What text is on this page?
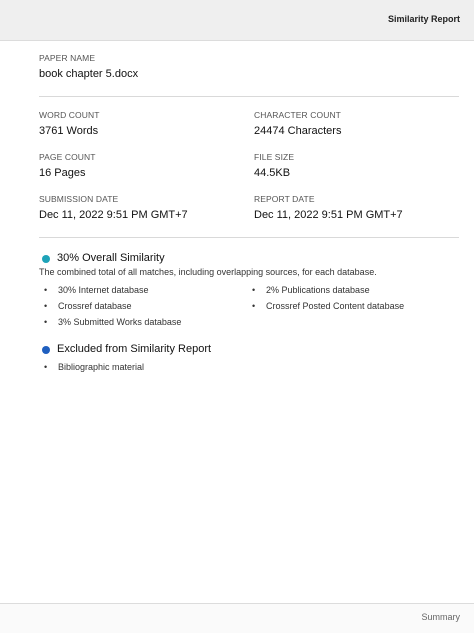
Similarity Report
PAPER NAME
book chapter 5.docx
WORD COUNT
3761 Words
CHARACTER COUNT
24474 Characters
PAGE COUNT
16 Pages
FILE SIZE
44.5KB
SUBMISSION DATE
Dec 11, 2022 9:51 PM GMT+7
REPORT DATE
Dec 11, 2022 9:51 PM GMT+7
30% Overall Similarity
The combined total of all matches, including overlapping sources, for each database.
• 30% Internet database
• Crossref database
• 3% Submitted Works database
• 2% Publications database
• Crossref Posted Content database
Excluded from Similarity Report
• Bibliographic material
Summary
